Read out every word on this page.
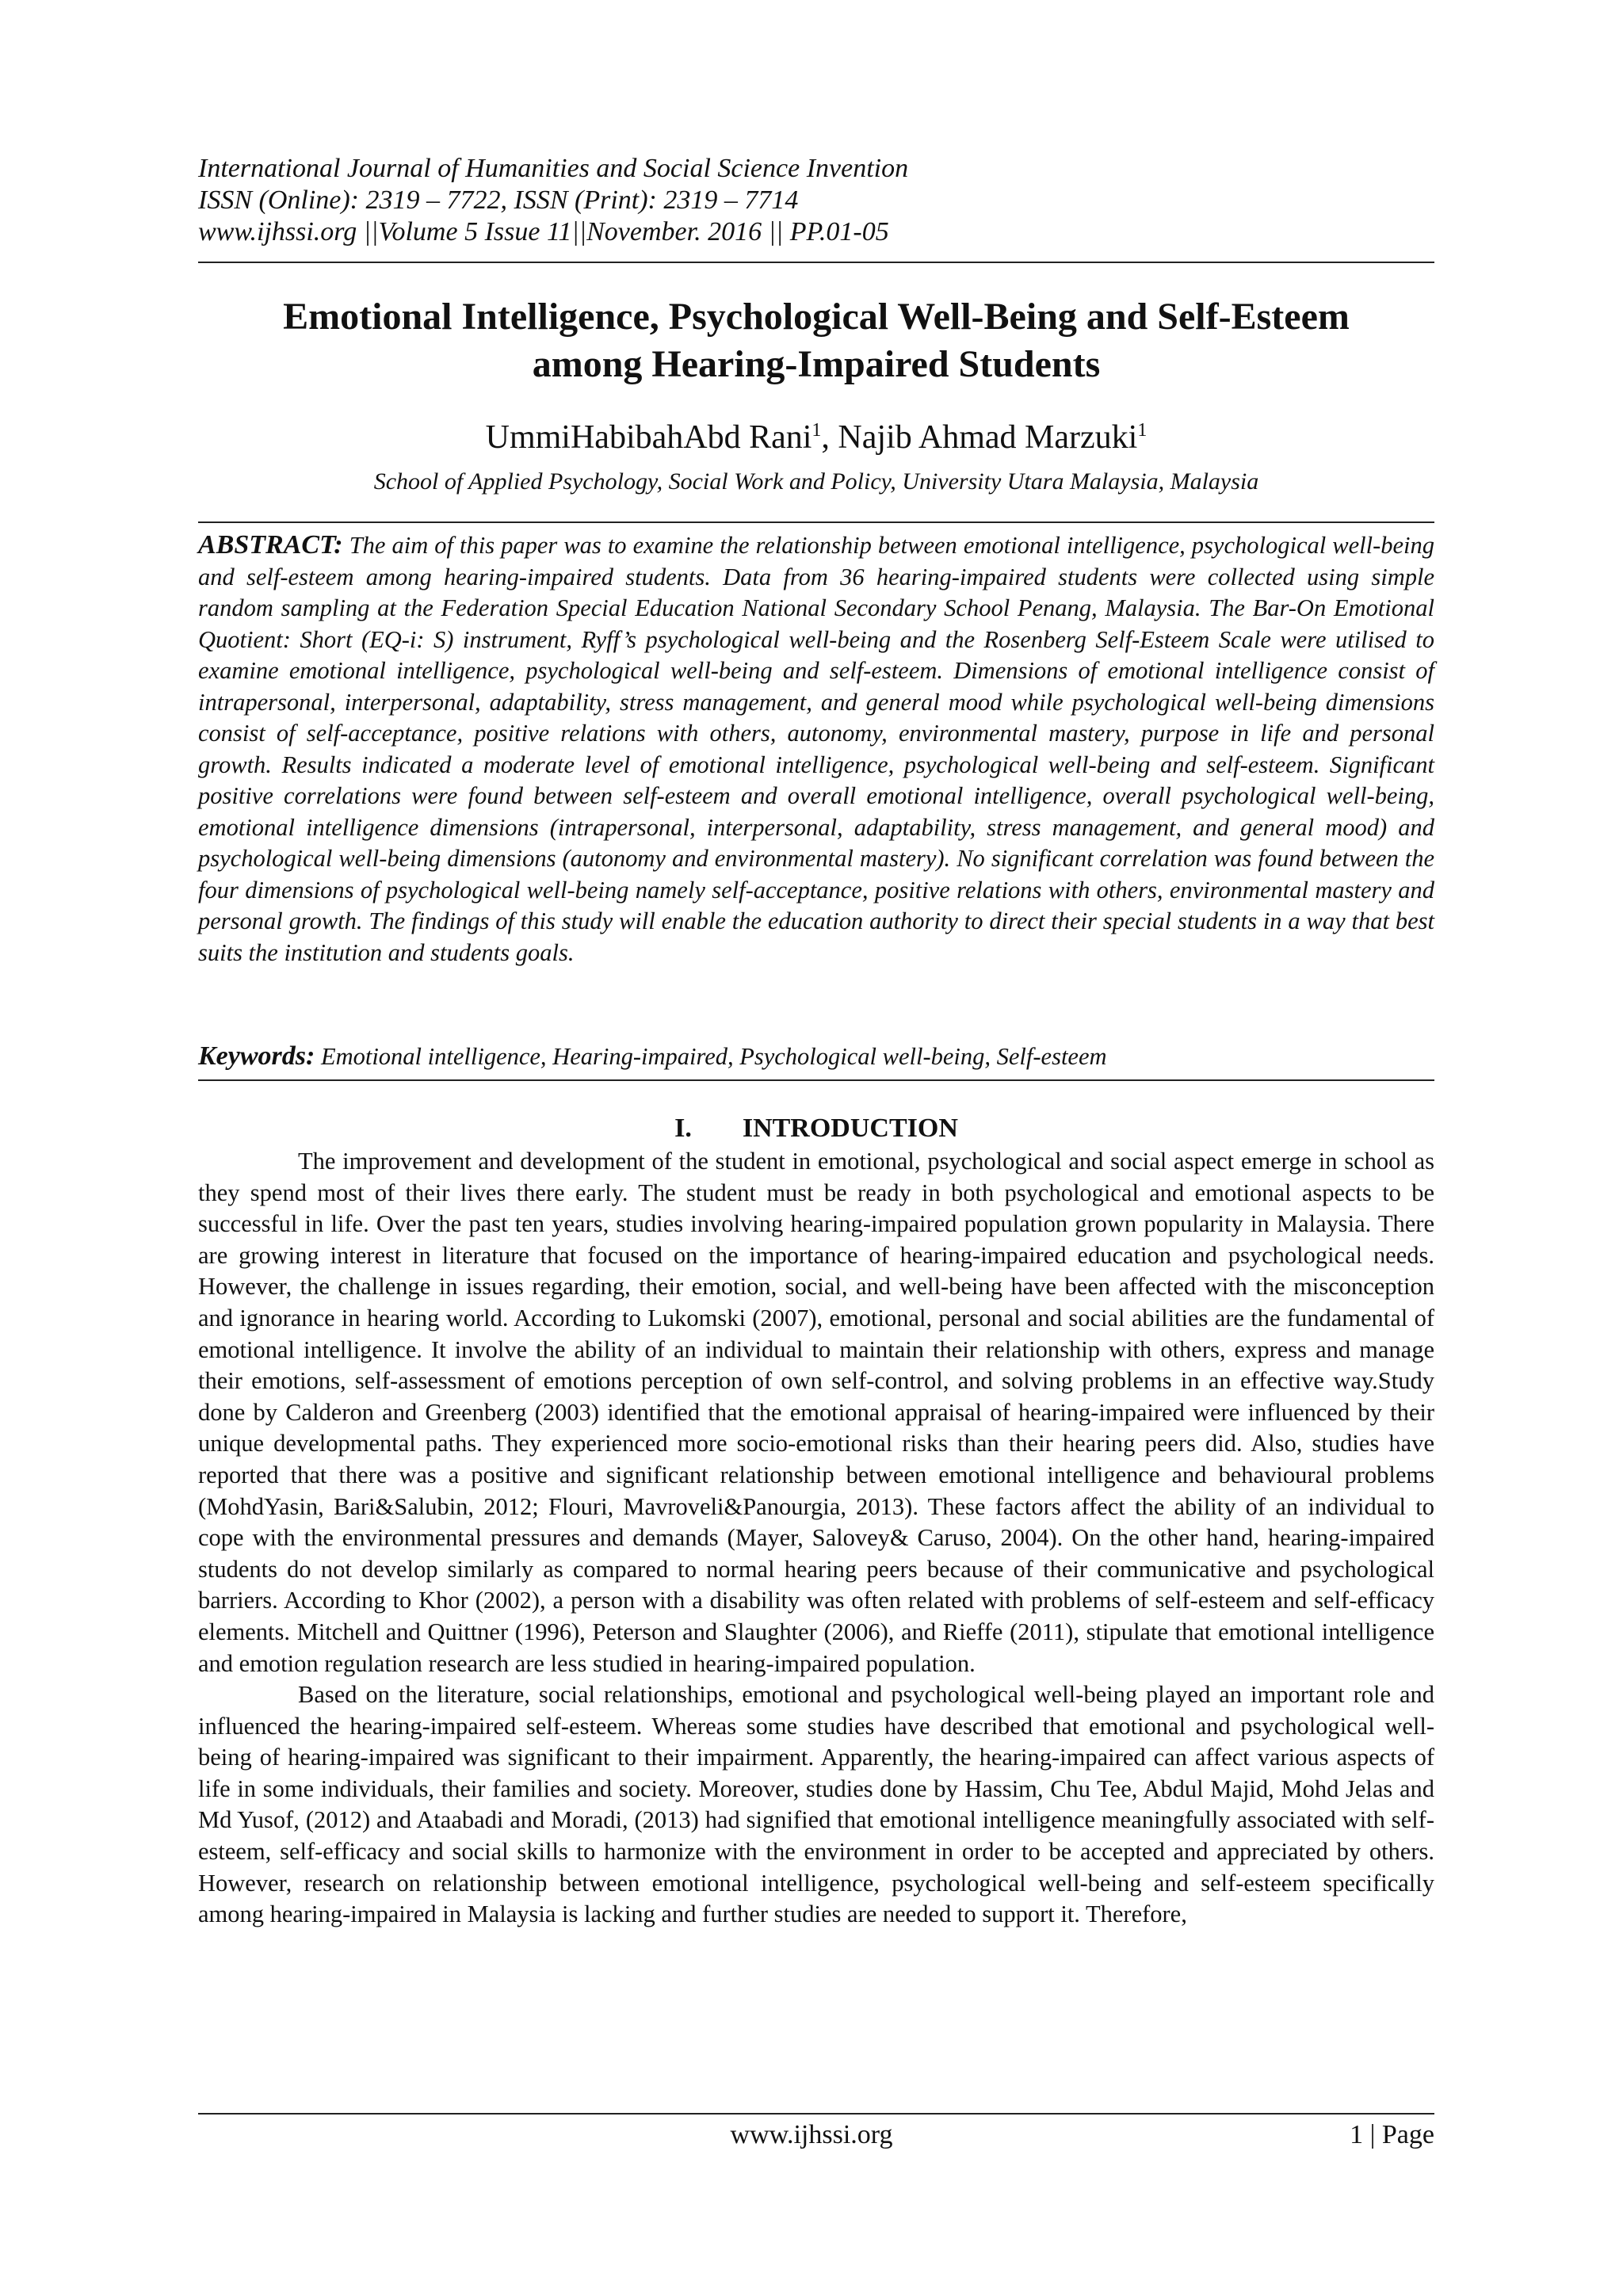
International Journal of Humanities and Social Science Invention
ISSN (Online): 2319 – 7722, ISSN (Print): 2319 – 7714
www.ijhssi.org ||Volume 5 Issue 11||November. 2016 || PP.01-05
Emotional Intelligence, Psychological Well-Being and Self-Esteem
among Hearing-Impaired Students
UmmiHabibahAbd Rani$^1$, Najib Ahmad Marzuki$^1$
School of Applied Psychology, Social Work and Policy, University Utara Malaysia, Malaysia

ABSTRACT: The aim of this paper was to examine the relationship between emotional intelligence, psychological well-being and self-esteem among hearing-impaired students. Data from 36 hearing-impaired students were collected using simple random sampling at the Federation Special Education National Secondary School Penang, Malaysia. The Bar-On Emotional Quotient: Short (EQ-i: S) instrument, Ryff’s psychological well-being and the Rosenberg Self-Esteem Scale were utilised to examine emotional intelligence, psychological well-being and self-esteem. Dimensions of emotional intelligence consist of intrapersonal, interpersonal, adaptability, stress management, and general mood while psychological well-being dimensions consist of self-acceptance, positive relations with others, autonomy, environmental mastery, purpose in life and personal growth. Results indicated a moderate level of emotional intelligence, psychological well-being and self-esteem. Significant positive correlations were found between self-esteem and overall emotional intelligence, overall psychological well-being, emotional intelligence dimensions (intrapersonal, interpersonal, adaptability, stress management, and general mood) and psychological well-being dimensions (autonomy and environmental mastery). No significant correlation was found between the four dimensions of psychological well-being namely self-acceptance, positive relations with others, environmental mastery and personal growth. The findings of this study will enable the education authority to direct their special students in a way that best suits the institution and students goals.

Keywords: Emotional intelligence, Hearing-impaired, Psychological well-being, Self-esteem

I. INTRODUCTION

The improvement and development of the student in emotional, psychological and social aspect emerge in school as they spend most of their lives there early. The student must be ready in both psychological and emotional aspects to be successful in life. Over the past ten years, studies involving hearing-impaired population grown popularity in Malaysia. There are growing interest in literature that focused on the importance of hearing-impaired education and psychological needs. However, the challenge in issues regarding, their emotion, social, and well-being have been affected with the misconception and ignorance in hearing world. According to Lukomski (2007), emotional, personal and social abilities are the fundamental of emotional intelligence. It involve the ability of an individual to maintain their relationship with others, express and manage their emotions, self-assessment of emotions perception of own self-control, and solving problems in an effective way.Study done by Calderon and Greenberg (2003) identified that the emotional appraisal of hearing-impaired were influenced by their unique developmental paths. They experienced more socio-emotional risks than their hearing peers did. Also, studies have reported that there was a positive and significant relationship between emotional intelligence and behavioural problems (MohdYasin, Bari&Salubin, 2012; Flouri, Mavroveli&Panourgia, 2013). These factors affect the ability of an individual to cope with the environmental pressures and demands (Mayer, Salovey& Caruso, 2004). On the other hand, hearing-impaired students do not develop similarly as compared to normal hearing peers because of their communicative and psychological barriers. According to Khor (2002), a person with a disability was often related with problems of self-esteem and self-efficacy elements. Mitchell and Quittner (1996), Peterson and Slaughter (2006), and Rieffe (2011), stipulate that emotional intelligence and emotion regulation research are less studied in hearing-impaired population.

Based on the literature, social relationships, emotional and psychological well-being played an important role and influenced the hearing-impaired self-esteem. Whereas some studies have described that emotional and psychological well-being of hearing-impaired was significant to their impairment. Apparently, the hearing-impaired can affect various aspects of life in some individuals, their families and society. Moreover, studies done by Hassim, Chu Tee, Abdul Majid, Mohd Jelas and Md Yusof, (2012) and Ataabadi and Moradi, (2013) had signified that emotional intelligence meaningfully associated with self-esteem, self-efficacy and social skills to harmonize with the environment in order to be accepted and appreciated by others. However, research on relationship between emotional intelligence, psychological well-being and self-esteem specifically among hearing-impaired in Malaysia is lacking and further studies are needed to support it. Therefore,

www.ijhssi.org	1 | Page
